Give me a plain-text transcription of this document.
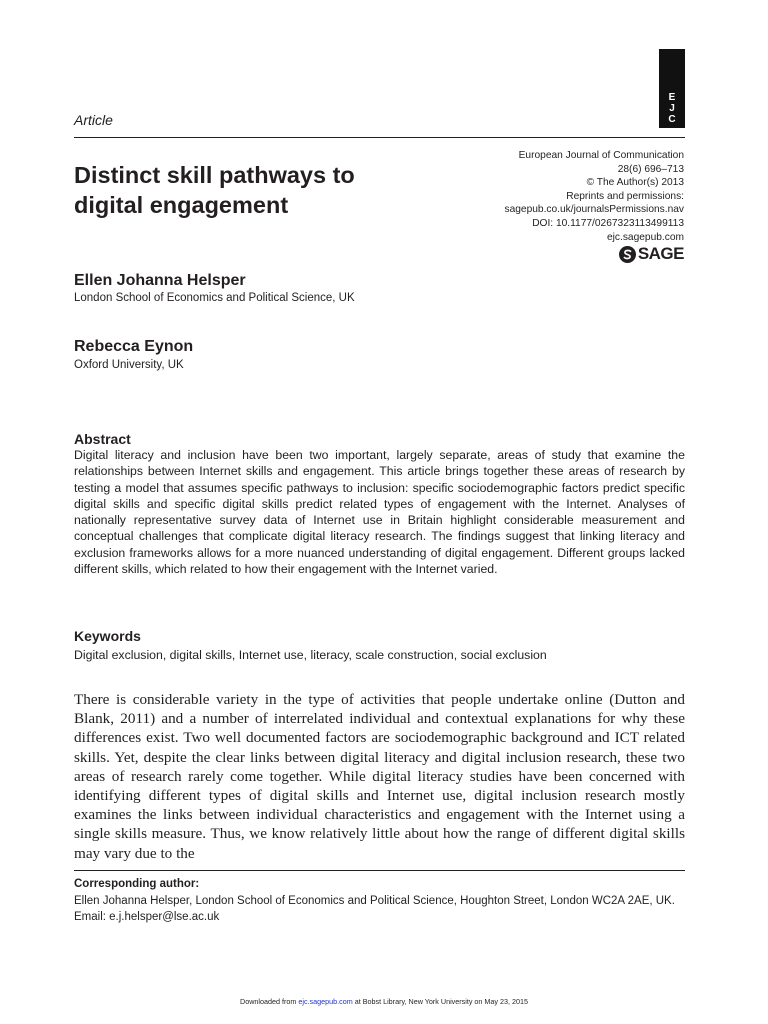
E
J
C
Article
Distinct skill pathways to
digital engagement
European Journal of Communication
28(6) 696–713
© The Author(s) 2013
Reprints and permissions:
sagepub.co.uk/journalsPermissions.nav
DOI: 10.1177/0267323113499113
ejc.sagepub.com
SAGE
Ellen Johanna Helsper
London School of Economics and Political Science, UK
Rebecca Eynon
Oxford University, UK
Abstract
Digital literacy and inclusion have been two important, largely separate, areas of study that examine the relationships between Internet skills and engagement. This article brings together these areas of research by testing a model that assumes specific pathways to inclusion: specific sociodemographic factors predict specific digital skills and specific digital skills predict related types of engagement with the Internet. Analyses of nationally representative survey data of Internet use in Britain highlight considerable measurement and conceptual challenges that complicate digital literacy research. The findings suggest that linking literacy and exclusion frameworks allows for a more nuanced understanding of digital engagement. Different groups lacked different skills, which related to how their engagement with the Internet varied.
Keywords
Digital exclusion, digital skills, Internet use, literacy, scale construction, social exclusion
There is considerable variety in the type of activities that people undertake online (Dutton and Blank, 2011) and a number of interrelated individual and contextual explanations for why these differences exist. Two well documented factors are sociodemographic background and ICT related skills. Yet, despite the clear links between digital literacy and digital inclusion research, these two areas of research rarely come together. While digital literacy studies have been concerned with identifying different types of digital skills and Internet use, digital inclusion research mostly examines the links between individual characteristics and engagement with the Internet using a single skills measure. Thus, we know relatively little about how the range of different digital skills may vary due to the
Corresponding author:
Ellen Johanna Helsper, London School of Economics and Political Science, Houghton Street, London WC2A 2AE, UK.
Email: e.j.helsper@lse.ac.uk
Downloaded from ejc.sagepub.com at Bobst Library, New York University on May 23, 2015
